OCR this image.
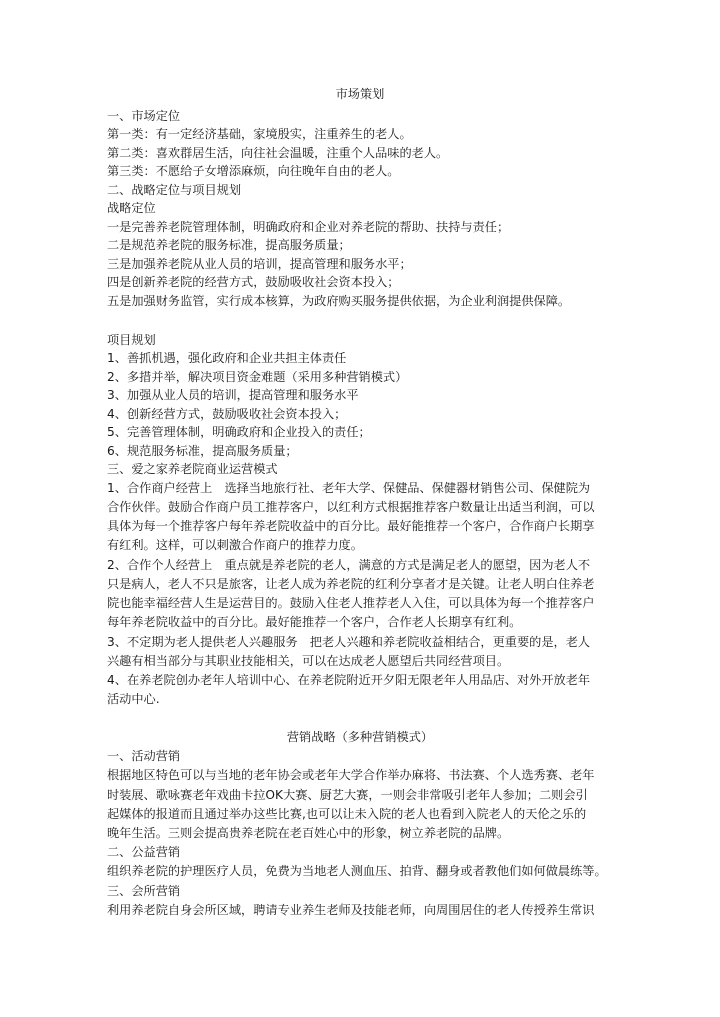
市场策划
一、市场定位
第一类：有一定经济基础，家境殷实，注重养生的老人。
第二类：喜欢群居生活，向往社会温暖，注重个人品味的老人。
第三类：不愿给子女增添麻烦，向往晚年自由的老人。
二、战略定位与项目规划
战略定位
一是完善养老院管理体制，明确政府和企业对养老院的帮助、扶持与责任；
二是规范养老院的服务标准，提高服务质量；
三是加强养老院从业人员的培训，提高管理和服务水平；
四是创新养老院的经营方式，鼓励吸收社会资本投入；
五是加强财务监管，实行成本核算，为政府购买服务提供依据，为企业利润提供保障。
项目规划
1、善抓机遇，强化政府和企业共担主体责任
2、多措并举，解决项目资金难题（采用多种营销模式）
3、加强从业人员的培训，提高管理和服务水平
4、创新经营方式，鼓励吸收社会资本投入；
5、完善管理体制，明确政府和企业投入的责任；
6、规范服务标准，提高服务质量；
三、爱之家养老院商业运营模式
1、合作商户经营上　选择当地旅行社、老年大学、保健品、保健器材销售公司、保健院为
合作伙伴。鼓励合作商户员工推荐客户，以红利方式根据推荐客户数量让出适当利润，可以
具体为每一个推荐客户每年养老院收益中的百分比。最好能推荐一个客户，合作商户长期享
有红利。这样，可以刺激合作商户的推荐力度。
2、合作个人经营上　重点就是养老院的老人，满意的方式是满足老人的愿望，因为老人不
只是病人，老人不只是旅客，让老人成为养老院的红利分享者才是关键。让老人明白住养老
院也能幸福经营人生是运营目的。鼓励入住老人推荐老人入住，可以具体为每一个推荐客户
每年养老院收益中的百分比。最好能推荐一个客户，合作老人长期享有红利。
3、不定期为老人提供老人兴趣服务　把老人兴趣和养老院收益相结合，更重要的是，老人
兴趣有相当部分与其职业技能相关，可以在达成老人愿望后共同经营项目。
4、在养老院创办老年人培训中心、在养老院附近开夕阳无限老年人用品店、对外开放老年
活动中心.
营销战略（多种营销模式）
一、活动营销
根据地区特色可以与当地的老年协会或老年大学合作举办麻将、书法赛、个人选秀赛、老年
时装展、歌咏赛老年戏曲卡拉OK大赛、厨艺大赛，一则会非常吸引老年人参加；二则会引
起媒体的报道而且通过举办这些比赛,也可以让未入院的老人也看到入院老人的天伦之乐的
晚年生活。三则会提高贵养老院在老百姓心中的形象，树立养老院的品牌。
二、公益营销
组织养老院的护理医疗人员，免费为当地老人测血压、拍背、翻身或者教他们如何做晨练等。
三、会所营销
利用养老院自身会所区域，聘请专业养生老师及技能老师，向周围居住的老人传授养生常识
